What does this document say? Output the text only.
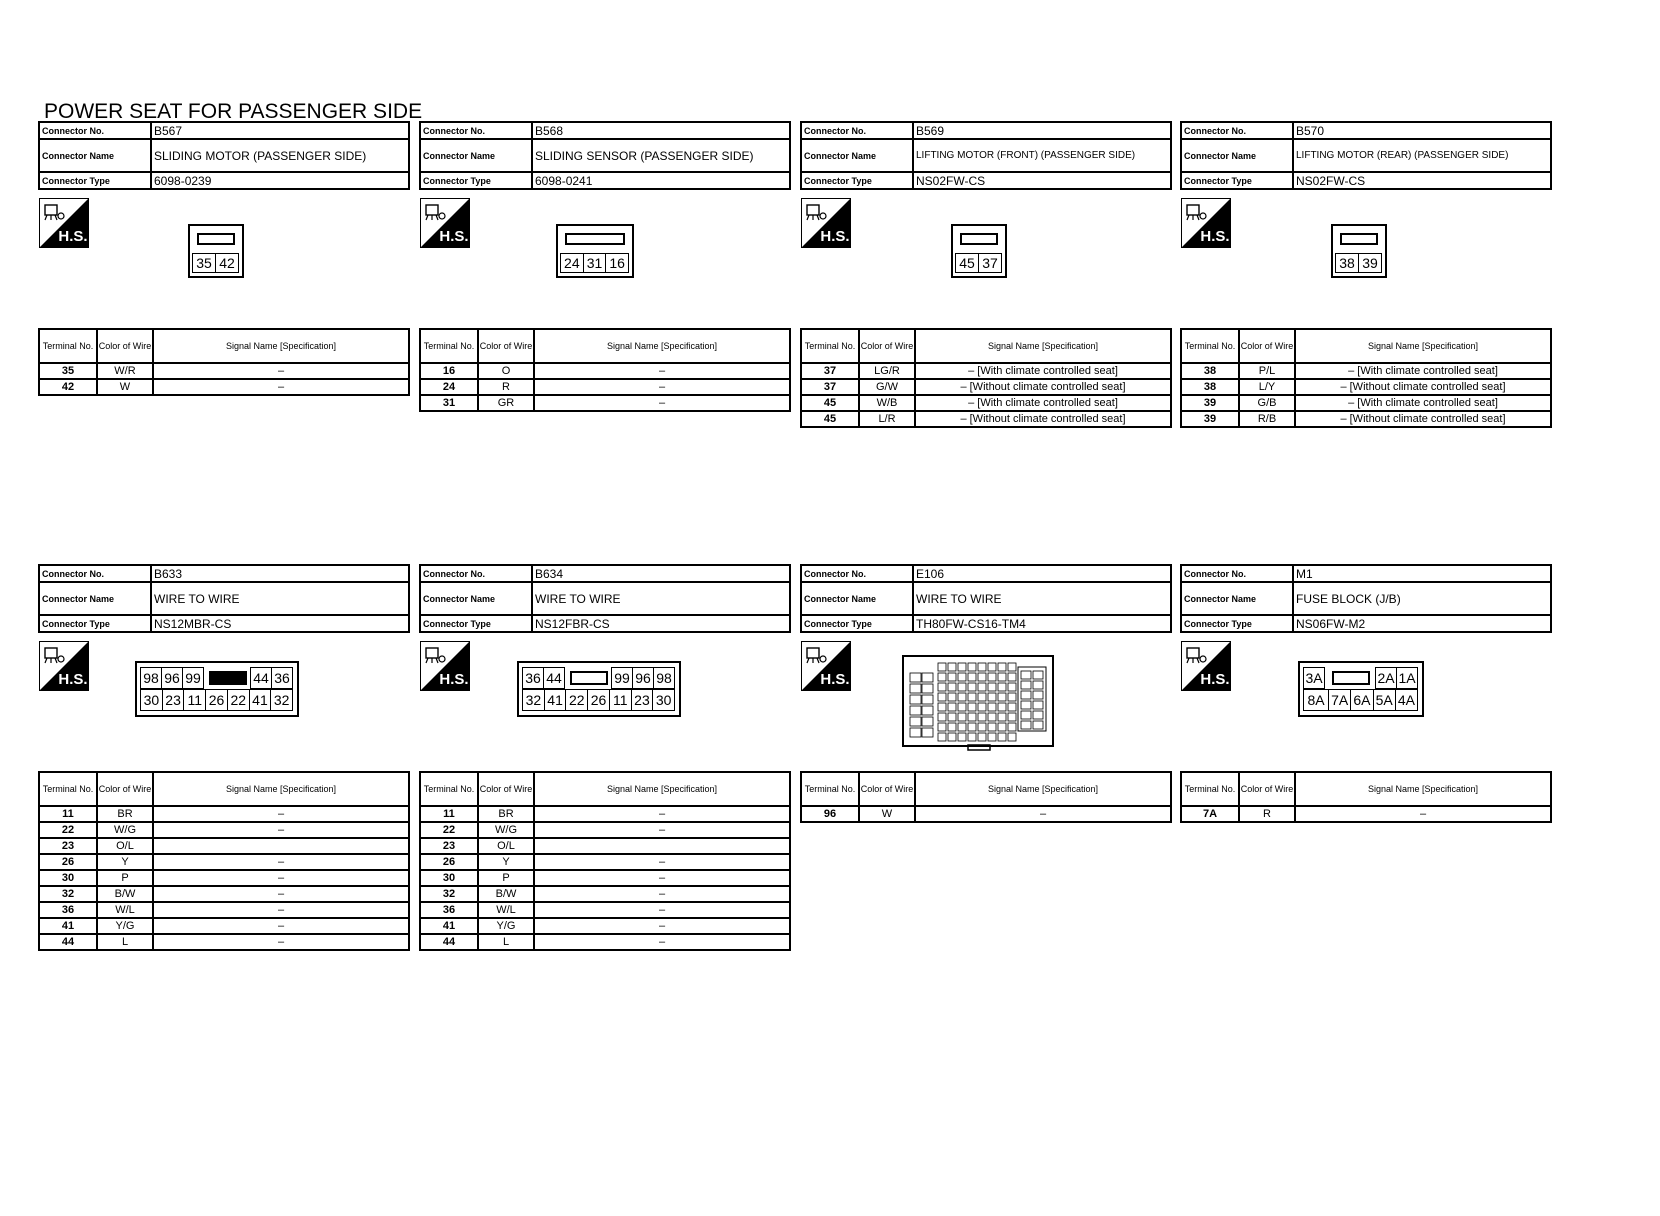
POWER SEAT FOR PASSENGER SIDE
Connector No.	B567
Connector Name	SLIDING MOTOR (PASSENGER SIDE)
Connector Type	6098-0239
H.S.
35 42
Terminal No.	Color of Wire	Signal Name [Specification]
35	W/R	–
42	W	–
Connector No.	B568
Connector Name	SLIDING SENSOR (PASSENGER SIDE)
Connector Type	6098-0241
H.S.
24 31 16
Terminal No.	Color of Wire	Signal Name [Specification]
16	O	–
24	R	–
31	GR	–
Connector No.	B569
Connector Name	LIFTING MOTOR (FRONT) (PASSENGER SIDE)
Connector Type	NS02FW-CS
H.S.
45 37
Terminal No.	Color of Wire	Signal Name [Specification]
37	LG/R	– [With climate controlled seat]
37	G/W	– [Without climate controlled seat]
45	W/B	– [With climate controlled seat]
45	L/R	– [Without climate controlled seat]
Connector No.	B570
Connector Name	LIFTING MOTOR (REAR) (PASSENGER SIDE)
Connector Type	NS02FW-CS
H.S.
38 39
Terminal No.	Color of Wire	Signal Name [Specification]
38	P/L	– [With climate controlled seat]
38	L/Y	– [Without climate controlled seat]
39	G/B	– [With climate controlled seat]
39	R/B	– [Without climate controlled seat]
Connector No.	B633
Connector Name	WIRE TO WIRE
Connector Type	NS12MBR-CS
H.S.	98 96 99	44 36
30 23 11 26 22 41 32
Terminal No.	Color of Wire	Signal Name [Specification]
11	BR	–
22	W/G	–
23	O/L	
26	Y	–
30	P	–
32	B/W	–
36	W/L	–
41	Y/G	–
44	L	–
Connector No.	B634
Connector Name	WIRE TO WIRE
Connector Type	NS12FBR-CS
H.S.	36 44	99 96 98
32 41 22 26 11 23 30
Terminal No.	Color of Wire	Signal Name [Specification]
11	BR	–
22	W/G	–
23	O/L	
26	Y	–
30	P	–
32	B/W	–
36	W/L	–
41	Y/G	–
44	L	–
Connector No.	E106
Connector Name	WIRE TO WIRE
Connector Type	TH80FW-CS16-TM4
H.S.
Terminal No.	Color of Wire	Signal Name [Specification]
96	W	–
Connector No.	M1
Connector Name	FUSE BLOCK (J/B)
Connector Type	NS06FW-M2
H.S.	3A	2A 1A
8A 7A 6A 5A 4A
Terminal No.	Color of Wire	Signal Name [Specification]
7A	R	–
